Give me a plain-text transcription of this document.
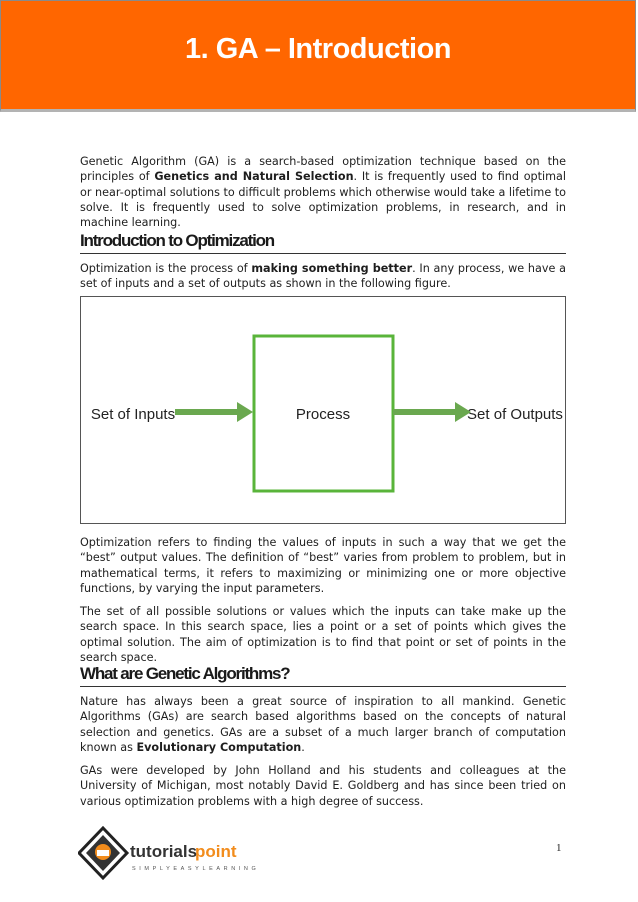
1. GA – Introduction

Genetic Algorithm (GA) is a search-based optimization technique based on the principles of Genetics and Natural Selection. It is frequently used to find optimal or near-optimal solutions to difficult problems which otherwise would take a lifetime to solve. It is frequently used to solve optimization problems, in research, and in machine learning.

Introduction to Optimization

Optimization is the process of making something better. In any process, we have a set of inputs and a set of outputs as shown in the following figure.

Process
Set of Inputs	Set of Outputs

Optimization refers to finding the values of inputs in such a way that we get the “best” output values. The definition of “best” varies from problem to problem, but in mathematical terms, it refers to maximizing or minimizing one or more objective functions, by varying the input parameters.

The set of all possible solutions or values which the inputs can take make up the search space. In this search space, lies a point or a set of points which gives the optimal solution. The aim of optimization is to find that point or set of points in the search space.

What are Genetic Algorithms?

Nature has always been a great source of inspiration to all mankind. Genetic Algorithms (GAs) are search based algorithms based on the concepts of natural selection and genetics. GAs are a subset of a much larger branch of computation known as Evolutionary Computation.

GAs were developed by John Holland and his students and colleagues at the University of Michigan, most notably David E. Goldberg and has since been tried on various optimization problems with a high degree of success.

tutorials
point
SIMPLYEASYLEARNING
1
